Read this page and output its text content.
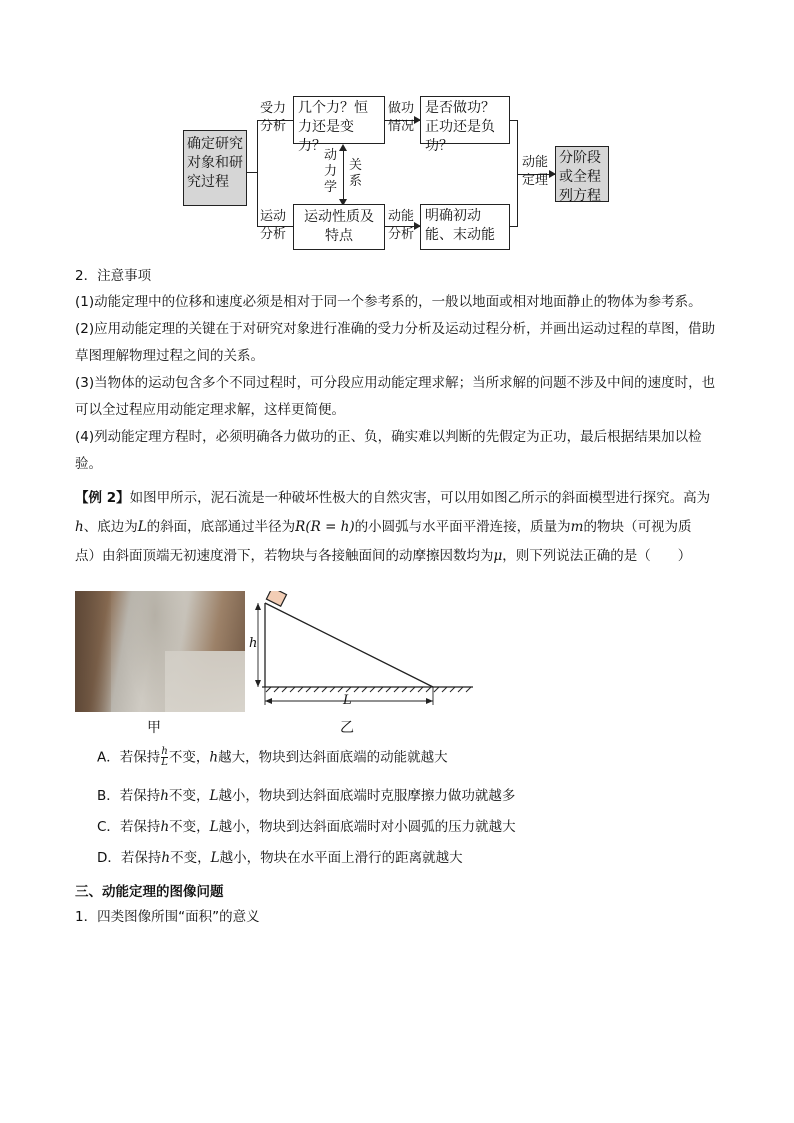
确定研究对象和研究过程
受力分析
几个力？恒力还是变力？
做功情况
是否做功？正功还是负功？
动力学
关系
运动分析
运动性质及特点
动能分析
明确初动能、末动能
动能定理
分阶段或全程列方程
2．注意事项
(1)动能定理中的位移和速度必须是相对于同一个参考系的，一般以地面或相对地面静止的物体为参考系。
(2)应用动能定理的关键在于对研究对象进行准确的受力分析及运动过程分析，并画出运动过程的草图，借助草图理解物理过程之间的关系。
(3)当物体的运动包含多个不同过程时，可分段应用动能定理求解；当所求解的问题不涉及中间的速度时，也可以全过程应用动能定理求解，这样更简便。
(4)列动能定理方程时，必须明确各力做功的正、负，确实难以判断的先假定为正功，最后根据结果加以检验。
【例 2】如图甲所示，泥石流是一种破坏性极大的自然灾害，可以用如图乙所示的斜面模型进行探究。高为
h、底边为L的斜面，底部通过半径为R(R = h)的小圆弧与水平面平滑连接，质量为m的物块（可视为质
点）由斜面顶端无初速度滑下，若物块与各接触面间的动摩擦因数均为μ，则下列说法正确的是（　　）
甲
h
L
乙
A．若保持 $\frac{h}{L}$ 不变，h越大，物块到达斜面底端的动能就越大
B．若保持h不变，L越小，物块到达斜面底端时克服摩擦力做功就越多
C．若保持h不变，L越小，物块到达斜面底端时对小圆弧的压力就越大
D．若保持h不变，L越小，物块在水平面上滑行的距离就越大
三、动能定理的图像问题
1．四类图像所围“面积”的意义
